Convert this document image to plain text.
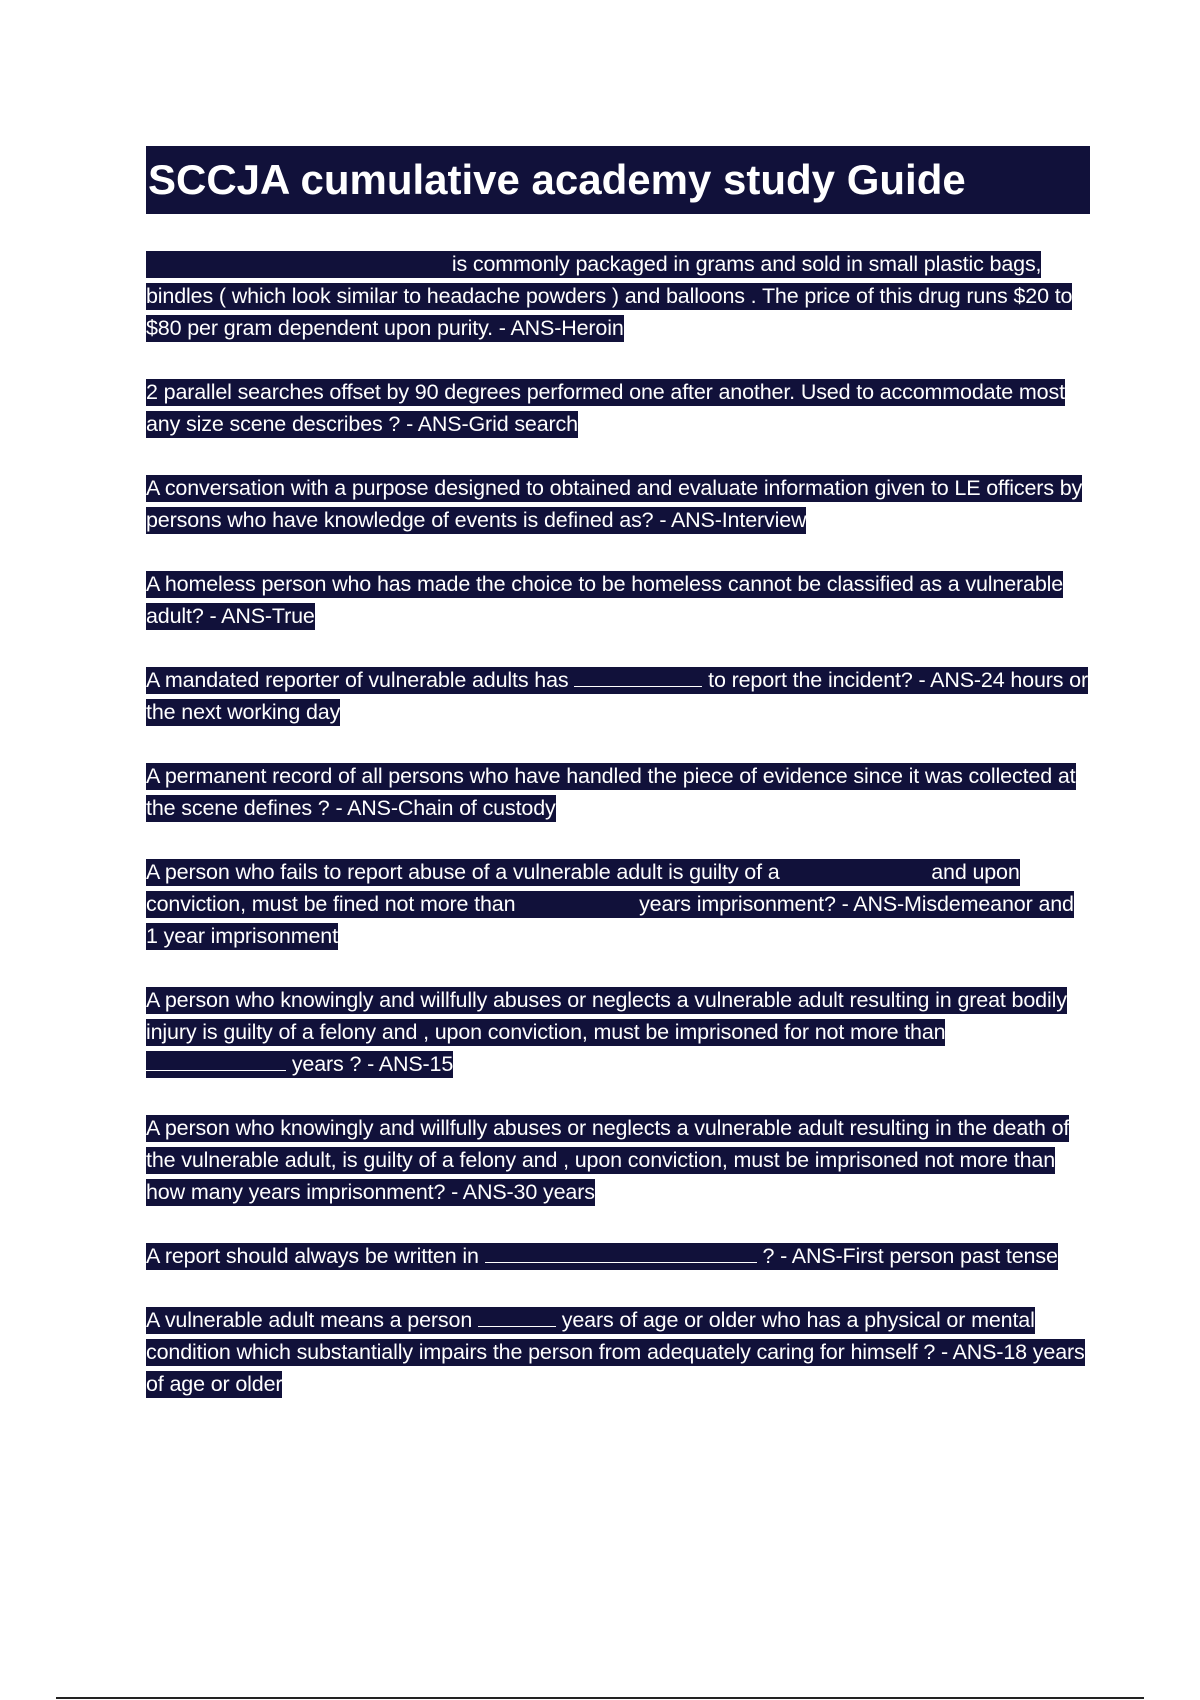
SCCJA cumulative academy study Guide

is commonly packaged in grams and sold in small plastic bags, bindles ( which look similar to headache powders ) and balloons . The price of this drug runs $20 to $80 per gram dependent upon purity. - ANS-Heroin

2 parallel searches offset by 90 degrees performed one after another. Used to accommodate most any size scene describes ? - ANS-Grid search

A conversation with a purpose designed to obtained and evaluate information given to LE officers by persons who have knowledge of events is defined as? - ANS-Interview

A homeless person who has made the choice to be homeless cannot be classified as a vulnerable adult? - ANS-True

A mandated reporter of vulnerable adults has	to report the incident? - ANS-24 hours or the next working day

A permanent record of all persons who have handled the piece of evidence since it was collected at the scene defines ? - ANS-Chain of custody

A person who fails to report abuse of a vulnerable adult is guilty of a	and upon conviction, must be fined not more than	years imprisonment? - ANS-Misdemeanor and 1 year imprisonment

A person who knowingly and willfully abuses or neglects a vulnerable adult resulting in great bodily injury is guilty of a felony and , upon conviction, must be imprisoned for not more than  years ? - ANS-15

A person who knowingly and willfully abuses or neglects a vulnerable adult resulting in the death of the vulnerable adult, is guilty of a felony and , upon conviction, must be imprisoned not more than how many years imprisonment? - ANS-30 years

A report should always be written in	? - ANS-First person past tense

A vulnerable adult means a person	years of age or older who has a physical or mental condition which substantially impairs the person from adequately caring for himself ? - ANS-18 years of age or older
